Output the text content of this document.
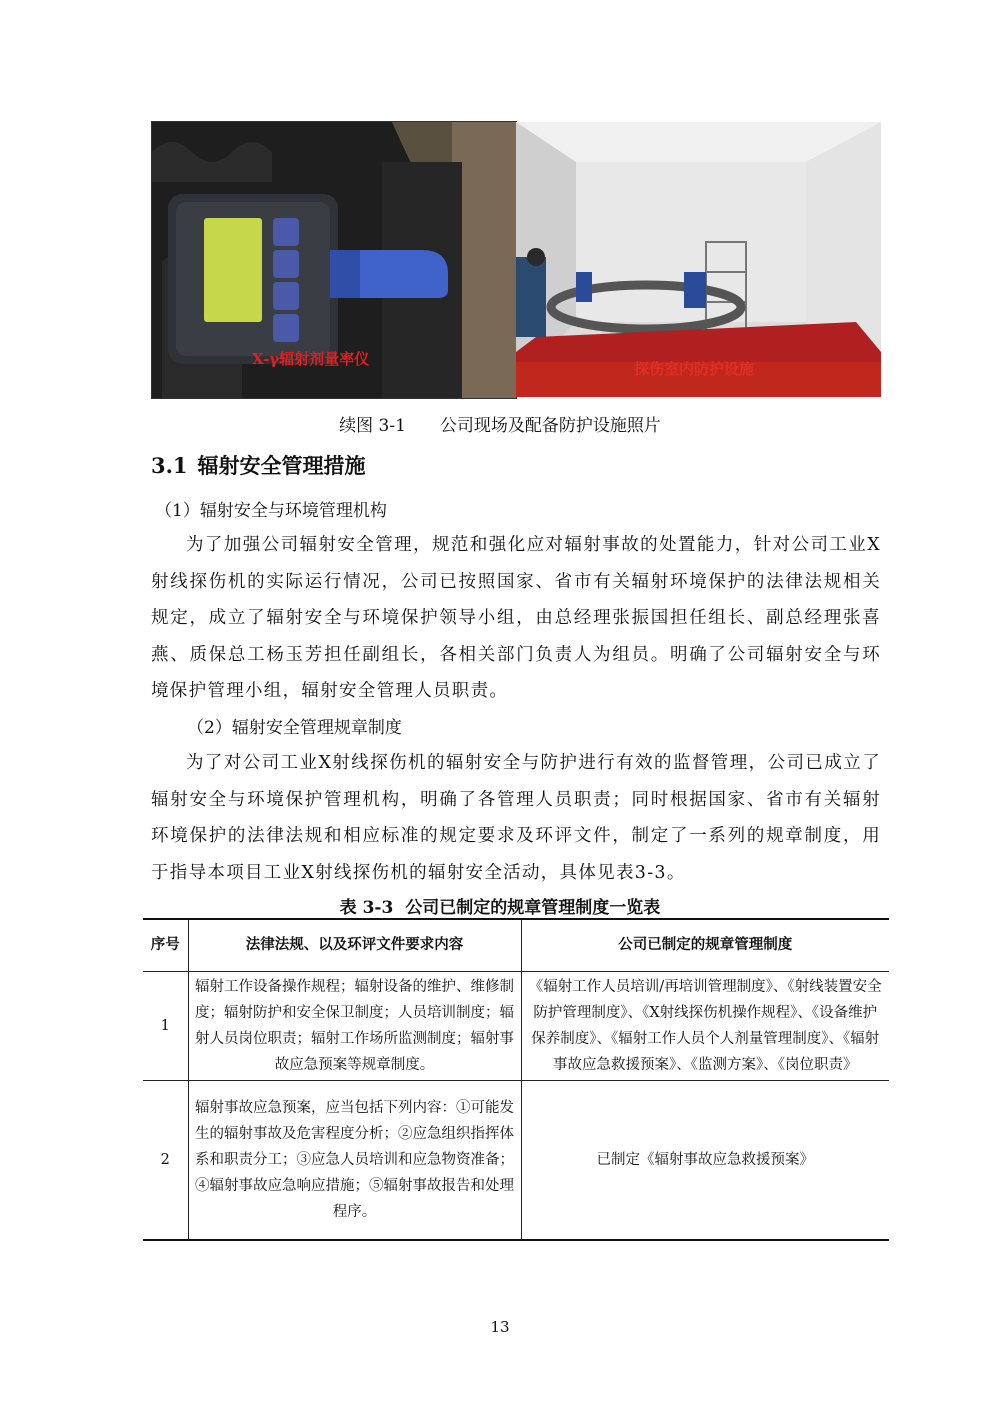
X-γ辐射剂量率仪
探伤室内防护设施
续图 3-1 公司现场及配备防护设施照片
3.1 辐射安全管理措施
（1）辐射安全与环境管理机构

为了加强公司辐射安全管理，规范和强化应对辐射事故的处置能力，针对公司工业X射线探伤机的实际运行情况，公司已按照国家、省市有关辐射环境保护的法律法规相关规定，成立了辐射安全与环境保护领导小组，由总经理张振国担任组长、副总经理张喜燕、质保总工杨玉芳担任副组长，各相关部门负责人为组员。明确了公司辐射安全与环境保护管理小组，辐射安全管理人员职责。

（2）辐射安全管理规章制度

为了对公司工业X射线探伤机的辐射安全与防护进行有效的监督管理，公司已成立了辐射安全与环境保护管理机构，明确了各管理人员职责；同时根据国家、省市有关辐射环境保护的法律法规和相应标准的规定要求及环评文件，制定了一系列的规章制度，用于指导本项目工业X射线探伤机的辐射安全活动，具体见表3-3。

表 3-3 公司已制定的规章管理制度一览表
序号	法律法规、以及环评文件要求内容	公司已制定的规章管理制度
1	辐射工作设备操作规程；辐射设备的维护、维修制度；辐射防护和安全保卫制度；人员培训制度；辐射人员岗位职责；辐射工作场所监测制度；辐射事故应急预案等规章制度。	《辐射工作人员培训/再培训管理制度》、《射线装置安全防护管理制度》、《X射线探伤机操作规程》、《设备维护保养制度》、《辐射工作人员个人剂量管理制度》、《辐射事故应急救援预案》、《监测方案》、《岗位职责》
2	辐射事故应急预案，应当包括下列内容：①可能发生的辐射事故及危害程度分析；②应急组织指挥体系和职责分工；③应急人员培训和应急物资准备；④辐射事故应急响应措施；⑤辐射事故报告和处理程序。	已制定《辐射事故应急救援预案》
13
